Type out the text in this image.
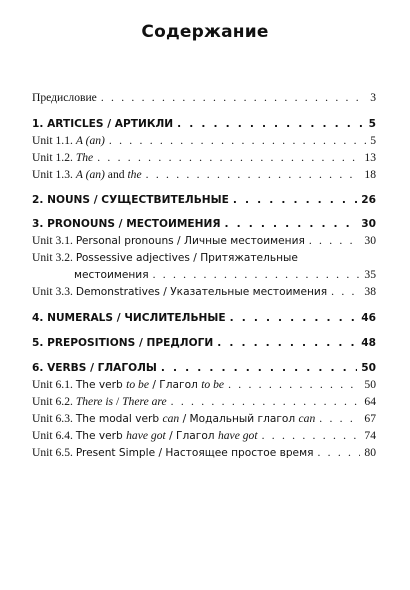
Содержание
Предисловие . . .	3
1. ARTICLES / АРТИКЛИ . . .	5
Unit 1.1. A (an) . . .	5
Unit 1.2. The . . .	13
Unit 1.3. A (an) and the . . .	18
2. NOUNS / СУЩЕСТВИТЕЛЬНЫЕ . . .	26
3. PRONOUNS / МЕСТОИМЕНИЯ . . .	30
Unit 3.1. Personal pronouns / Личные местоимения . . .	30
Unit 3.2. Possessive adjectives / Притяжательные
местоимения . . .	35
Unit 3.3. Demonstratives / Указательные местоимения . . .	38
4. NUMERALS / ЧИСЛИТЕЛЬНЫЕ . . .	46
5. PREPOSITIONS / ПРЕДЛОГИ . . .	48
6. VERBS / ГЛАГОЛЫ . . .	50
Unit 6.1. The verb to be / Глагол to be . . .	50
Unit 6.2. There is / There are . . .	64
Unit 6.3. The modal verb can / Модальный глагол can . . .	67
Unit 6.4. The verb have got / Глагол have got . . .	74
Unit 6.5. Present Simple / Настоящее простое время . . .	80
